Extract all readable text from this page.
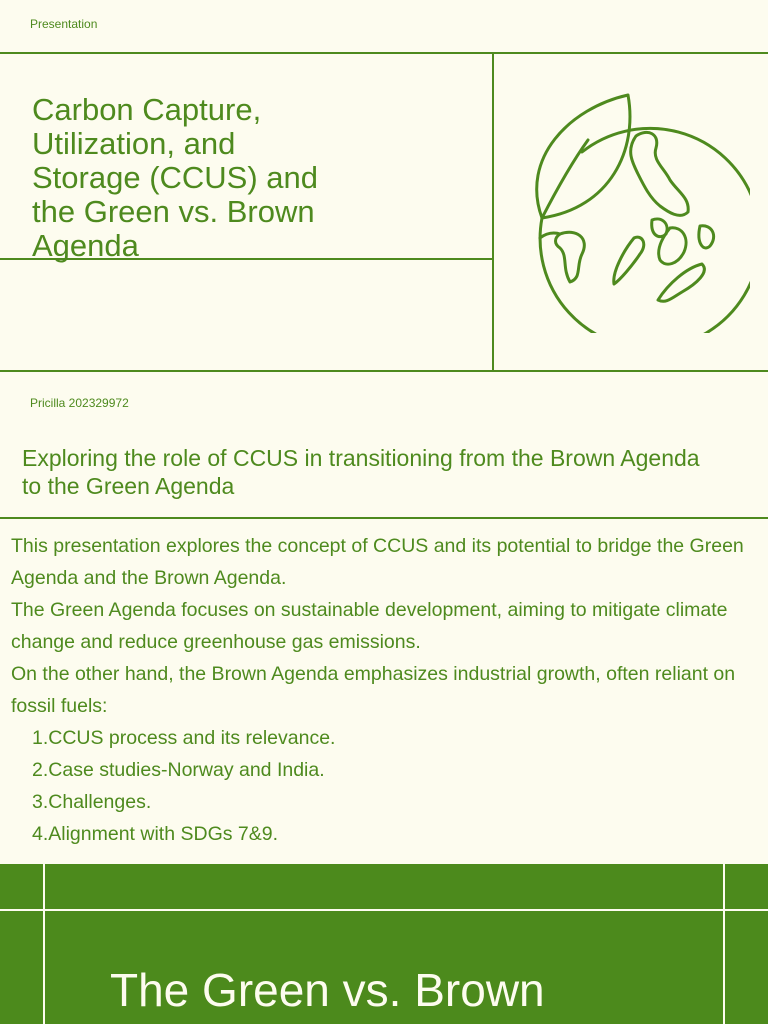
Presentation
Carbon Capture, Utilization, and Storage (CCUS) and the Green vs. Brown Agenda
Pricilla 202329972
Exploring the role of CCUS in transitioning from the Brown Agenda to the Green Agenda

This presentation explores the concept of CCUS and its potential to bridge the Green Agenda and the Brown Agenda.

The Green Agenda focuses on sustainable development, aiming to mitigate climate change and reduce greenhouse gas emissions.

On the other hand, the Brown Agenda emphasizes industrial growth, often reliant on fossil fuels:

1.CCUS process and its relevance.
2.Case studies-Norway and India.
3.Challenges.
4.Alignment with SDGs 7&9.
The Green vs. Brown
